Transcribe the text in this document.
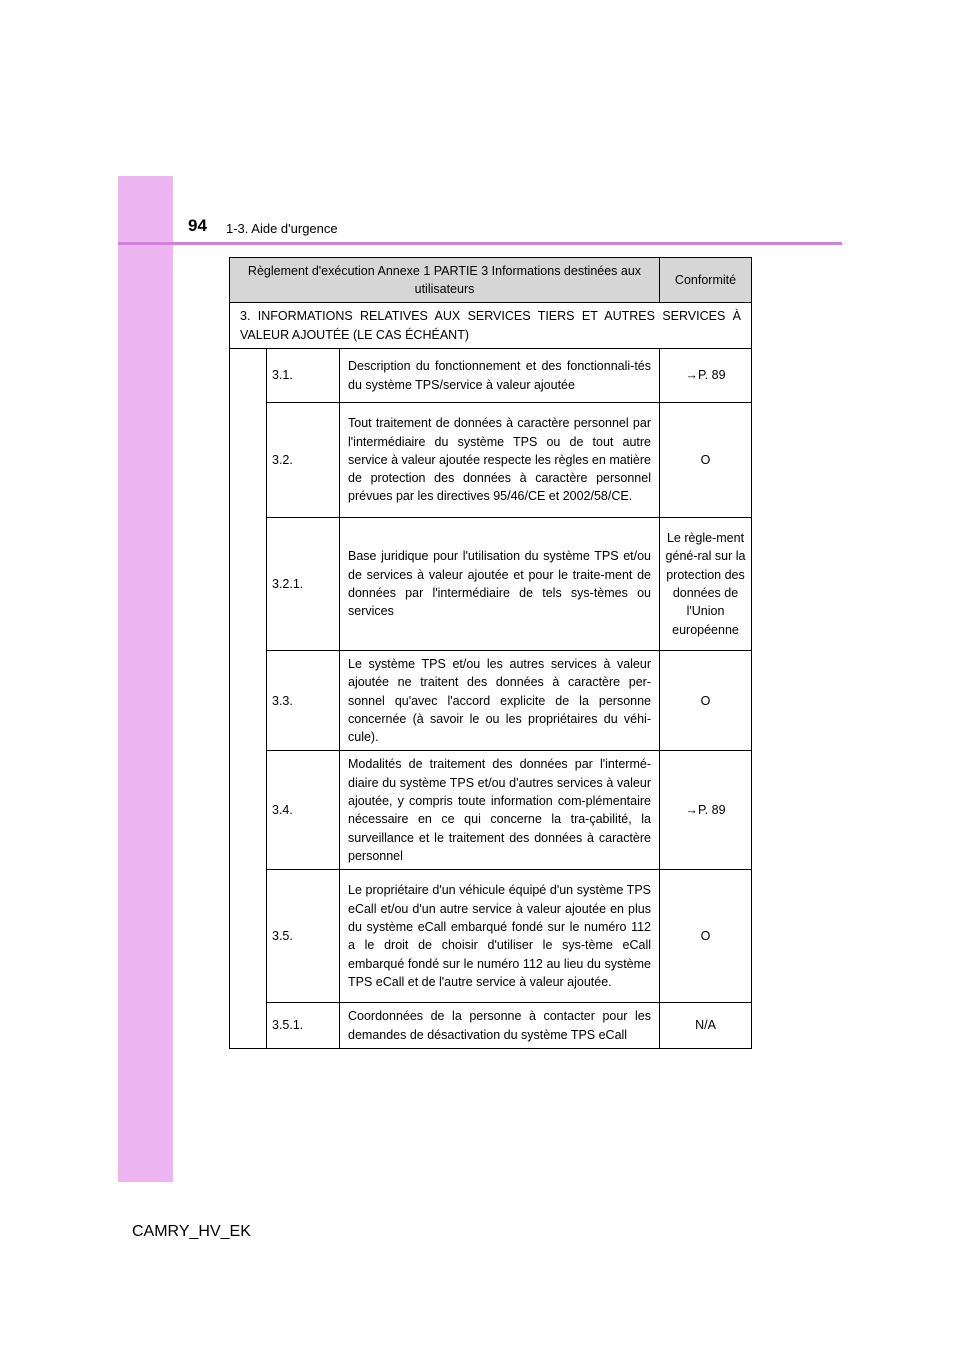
94 1-3. Aide d'urgence
Règlement d'exécution Annexe 1 PARTIE 3 Informations destinées aux utilisateurs			Conformité
3. INFORMATIONS RELATIVES AUX SERVICES TIERS ET AUTRES SERVICES À VALEUR AJOUTÉE (LE CAS ÉCHÉANT)			
	3.1.	Description du fonctionnement et des fonctionnali-tés du système TPS/service à valeur ajoutée	→P. 89
	3.2.	Tout traitement de données à caractère personnel par l'intermédiaire du système TPS ou de tout autre service à valeur ajoutée respecte les règles en matière de protection des données à caractère personnel prévues par les directives 95/46/CE et 2002/58/CE.	O
	3.2.1.	Base juridique pour l'utilisation du système TPS et/ou de services à valeur ajoutée et pour le traite-ment de données par l'intermédiaire de tels sys-tèmes ou services	Le règle-ment géné-ral sur la protection des données de l'Union européenne
	3.3.	Le système TPS et/ou les autres services à valeur ajoutée ne traitent des données à caractère per-sonnel qu'avec l'accord explicite de la personne concernée (à savoir le ou les propriétaires du véhi-cule).	O
	3.4.	Modalités de traitement des données par l'intermé-diaire du système TPS et/ou d'autres services à valeur ajoutée, y compris toute information com-plémentaire nécessaire en ce qui concerne la tra-çabilité, la surveillance et le traitement des données à caractère personnel	→P. 89
	3.5.	Le propriétaire d'un véhicule équipé d'un système TPS eCall et/ou d'un autre service à valeur ajoutée en plus du système eCall embarqué fondé sur le numéro 112 a le droit de choisir d'utiliser le sys-tème eCall embarqué fondé sur le numéro 112 au lieu du système TPS eCall et de l'autre service à valeur ajoutée.	O
	3.5.1.	Coordonnées de la personne à contacter pour les demandes de désactivation du système TPS eCall	N/A
CAMRY_HV_EK
